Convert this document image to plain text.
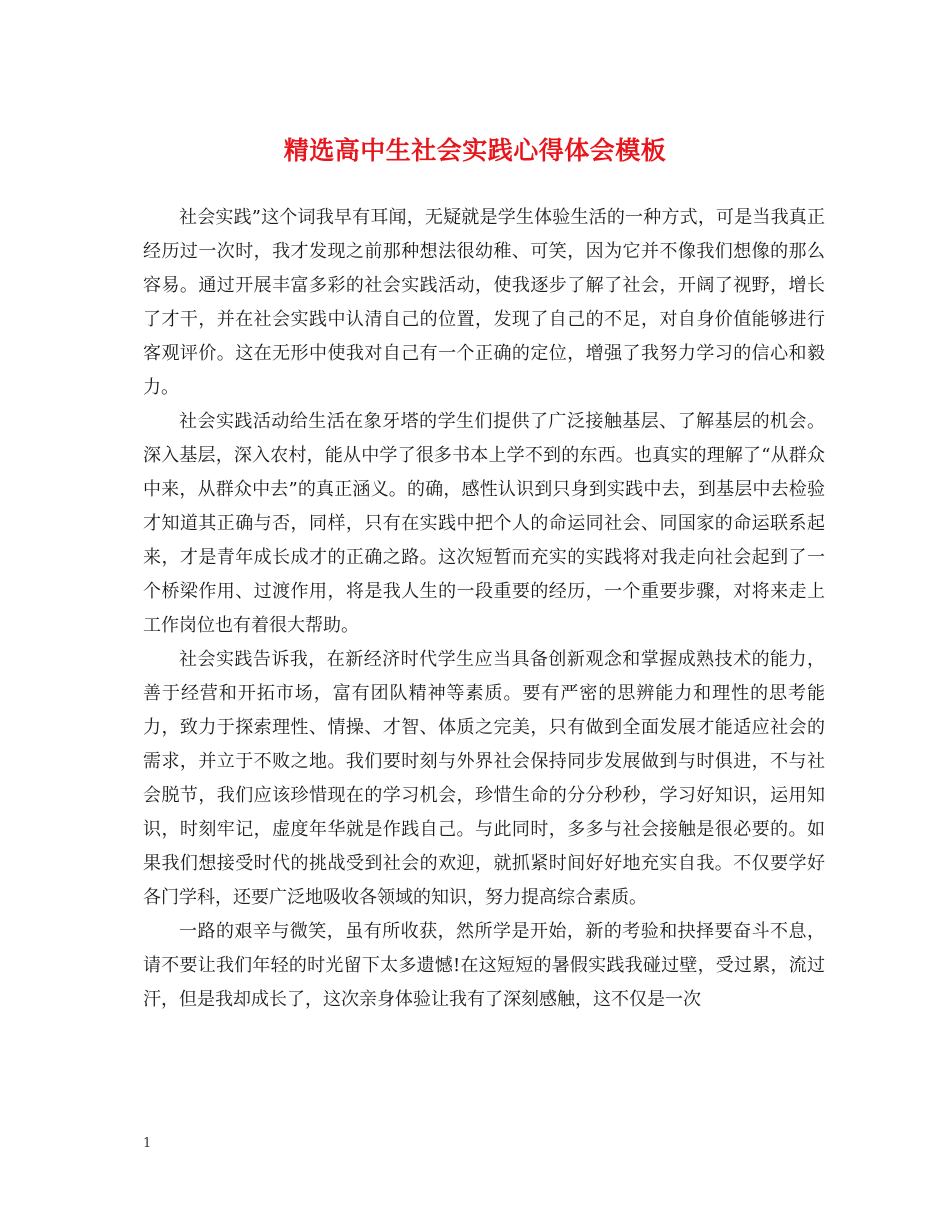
精选高中生社会实践心得体会模板

社会实践”这个词我早有耳闻，无疑就是学生体验生活的一种方式，可是当我真正经历过一次时，我才发现之前那种想法很幼稚、可笑，因为它并不像我们想像的那么容易。通过开展丰富多彩的社会实践活动，使我逐步了解了社会，开阔了视野，增长了才干，并在社会实践中认清自己的位置，发现了自己的不足，对自身价值能够进行客观评价。这在无形中使我对自己有一个正确的定位，增强了我努力学习的信心和毅力。

社会实践活动给生活在象牙塔的学生们提供了广泛接触基层、了解基层的机会。深入基层，深入农村，能从中学了很多书本上学不到的东西。也真实的理解了“从群众中来，从群众中去”的真正涵义。的确，感性认识到只身到实践中去，到基层中去检验才知道其正确与否，同样，只有在实践中把个人的命运同社会、同国家的命运联系起来，才是青年成长成才的正确之路。这次短暂而充实的实践将对我走向社会起到了一个桥梁作用、过渡作用，将是我人生的一段重要的经历，一个重要步骤，对将来走上工作岗位也有着很大帮助。

社会实践告诉我，在新经济时代学生应当具备创新观念和掌握成熟技术的能力，善于经营和开拓市场，富有团队精神等素质。要有严密的思辨能力和理性的思考能力，致力于探索理性、情操、才智、体质之完美，只有做到全面发展才能适应社会的需求，并立于不败之地。我们要时刻与外界社会保持同步发展做到与时俱进，不与社会脱节，我们应该珍惜现在的学习机会，珍惜生命的分分秒秒，学习好知识，运用知识，时刻牢记，虚度年华就是作践自己。与此同时，多多与社会接触是很必要的。如果我们想接受时代的挑战受到社会的欢迎，就抓紧时间好好地充实自我。不仅要学好各门学科，还要广泛地吸收各领域的知识，努力提高综合素质。

一路的艰辛与微笑，虽有所收获，然所学是开始，新的考验和抉择要奋斗不息，请不要让我们年轻的时光留下太多遗憾!在这短短的暑假实践我碰过壁，受过累，流过汗，但是我却成长了，这次亲身体验让我有了深刻感触，这不仅是一次

1
